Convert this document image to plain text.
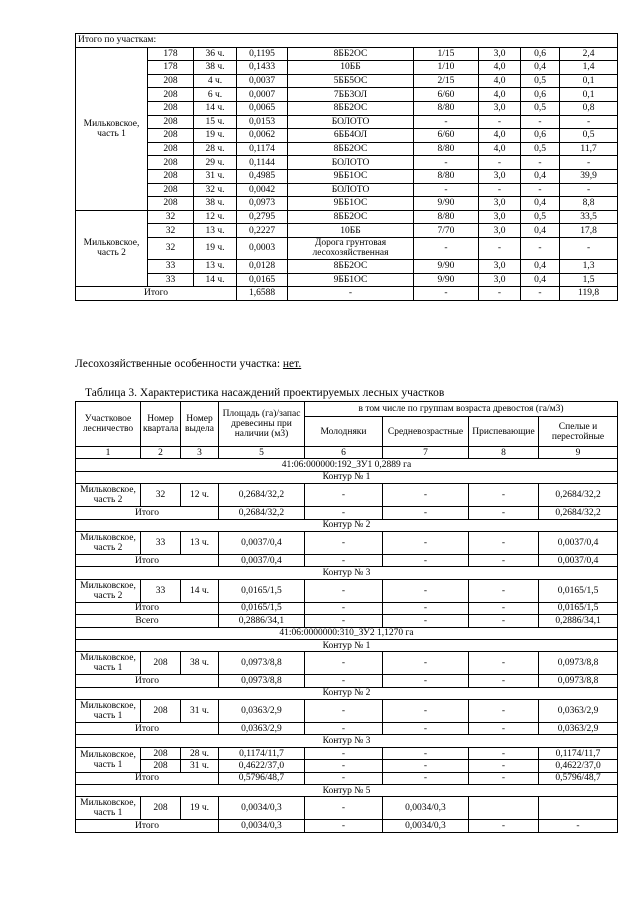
Итого по участкам:								
Мильковское, часть 1	178	36 ч.	0,1195	8ББ2ОС	1/15	3,0	0,6	2,4
	178	38 ч.	0,1433	10ББ	1/10	4,0	0,4	1,4
	208	4 ч.	0,0037	5ББ5ОС	2/15	4,0	0,5	0,1
	208	6 ч.	0,0007	7ББ3ОЛ	6/60	4,0	0,6	0,1
	208	14 ч.	0,0065	8ББ2ОС	8/80	3,0	0,5	0,8
	208	15 ч.	0,0153	БОЛОТО	-	-	-	-
	208	19 ч.	0,0062	6ББ4ОЛ	6/60	4,0	0,6	0,5
	208	28 ч.	0,1174	8ББ2ОС	8/80	4,0	0,5	11,7
	208	29 ч.	0,1144	БОЛОТО	-	-	-	-
	208	31 ч.	0,4985	9ББ1ОС	8/80	3,0	0,4	39,9
	208	32 ч.	0,0042	БОЛОТО	-	-	-	-
	208	38 ч.	0,0973	9ББ1ОС	9/90	3,0	0,4	8,8
Мильковское, часть 2	32	12 ч.	0,2795	8ББ2ОС	8/80	3,0	0,5	33,5
	32	13 ч.	0,2227	10ББ	7/70	3,0	0,4	17,8
	32	19 ч.	0,0003	Дорога грунтовая лесохозяйственная	-	-	-	-
	33	13 ч.	0,0128	8ББ2ОС	9/90	3,0	0,4	1,3
	33	14 ч.	0,0165	9ББ1ОС	9/90	3,0	0,4	1,5
Итого			1,6588	-	-	-	-	119,8
Лесохозяйственные особенности участка: нет.
Таблица 3. Характеристика насаждений проектируемых лесных участков
Участковое лесничество	Номер квартала	Номер выдела	Площадь (га)/запас древесины при наличии (м3)	в том числе по группам возраста древостоя (га/м3)			
				Молодняки	Средневозрастные	Приспевающие	Спелые и перестойные
1	2	3	5	6	7	8	9
41:06:000000:192_ЗУ1 0,2889 га							
Контур № 1							
Мильковское, часть 2	32	12 ч.	0,2684/32,2	-	-	-	0,2684/32,2
Итого			0,2684/32,2	-	-	-	0,2684/32,2
Контур № 2							
Мильковское, часть 2	33	13 ч.	0,0037/0,4	-	-	-	0,0037/0,4
Итого			0,0037/0,4	-	-	-	0,0037/0,4
Контур № 3							
Мильковское, часть 2	33	14 ч.	0,0165/1,5	-	-	-	0,0165/1,5
Итого			0,0165/1,5	-	-	-	0,0165/1,5
Всего			0,2886/34,1	-	-	-	0,2886/34,1
41:06:0000000:310_ЗУ2 1,1270 га							
Контур № 1							
Мильковское, часть 1	208	38 ч.	0,0973/8,8	-	-	-	0,0973/8,8
Итого			0,0973/8,8	-	-	-	0,0973/8,8
Контур № 2							
Мильковское, часть 1	208	31 ч.	0,0363/2,9	-	-	-	0,0363/2,9
Итого			0,0363/2,9	-	-	-	0,0363/2,9
Контур № 3							
Мильковское, часть 1	208	28 ч.	0,1174/11,7	-	-	-	0,1174/11,7
	208	31 ч.	0,4622/37,0	-	-	-	0,4622/37,0
Итого			0,5796/48,7	-	-	-	0,5796/48,7
Контур № 5							
Мильковское, часть 1	208	19 ч.	0,0034/0,3	-	0,0034/0,3		
Итого			0,0034/0,3	-	0,0034/0,3	-	-
